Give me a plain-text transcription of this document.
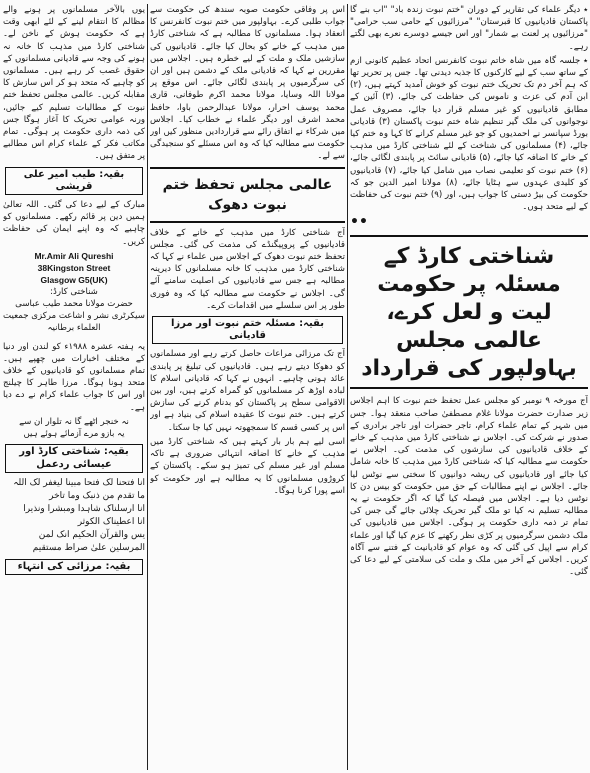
یوں بالآخر مسلمانوں پر ہونے والے مظالم کا انتقام لینے کے لئے ابھی وقت ہے کہ حکومت ہوش کے ناخن لے۔ شناختی کارڈ میں مذہب کا خانہ نہ ہونے کی وجہ سے قادیانی مسلمانوں کے حقوق غصب کر رہے ہیں۔ مسلمانوں کو چاہیے کہ متحد ہو کر اس سازش کا مقابلہ کریں۔ عالمی مجلس تحفظ ختم نبوت کے مطالبات تسلیم کیے جائیں، ورنہ عوامی تحریک کا آغاز ہوگا جس کی ذمہ داری حکومت پر ہوگی۔ تمام مکاتب فکر کے علماء کرام اس مطالبے پر متفق ہیں۔

بقیہ: طیب امیر علی قریشی

مبارک کے لیے دعا کی گئی۔ اللہ تعالیٰ ہمیں دین پر قائم رکھے۔ مسلمانوں کو چاہیے کہ وہ اپنے ایمان کی حفاظت کریں۔

Mr.Amir Ali Qureshi
38Kingston Street
Glasgow G5(UK)
شناختی کارڈ:
حضرت مولانا محمد طیب عباسی
سیکرٹری نشر و اشاعت مرکزی جمعیت العلماء برطانیہ

یہ ہفتہ عشرہ ۱۹۸۸ء کو لندن اور دنیا کے مختلف اخبارات میں چھپے ہیں۔ تمام مسلمانوں کو قادیانیوں کے خلاف متحد ہونا ہوگا۔ مرزا طاہر کا چیلنج اور اس کا جواب علماء کرام نے دے دیا ہے۔

نہ خنجر اٹھے گا نہ تلوار ان سے
یہ بازو مرے آزمائے ہوئے ہیں
بقیہ: شناختی کارڈ اور عیسائی ردعمل
انا فتحنا لک فتحا مبینا لیغفر لک اللہ ما تقدم من ذنبک وما تاخر
انا ارسلناک شاہدا ومبشرا ونذیرا
انا اعطیناک الکوثر
یس والقرآن الحکیم انک لمن المرسلین علیٰ صراط مستقیم
بقیہ: مرزائی کی انتہاء

اس پر وفاقی حکومت صوبہ سندھ کی حکومت سے جواب طلبی کرے۔ بہاولپور میں ختم نبوت کانفرنس کا انعقاد ہوا۔ مسلمانوں کا مطالبہ ہے کہ شناختی کارڈ میں مذہب کے خانے کو بحال کیا جائے۔ قادیانیوں کی سازشیں ملک و ملت کے لیے خطرہ ہیں۔ اجلاس میں مقررین نے کہا کہ قادیانی ملک کے دشمن ہیں اور ان کی سرگرمیوں پر پابندی لگائی جائے۔ اس موقع پر مولانا اللہ وسایا، مولانا محمد اکرم طوفانی، قاری محمد یوسف احرار، مولانا عبدالرحمن باوا، حافظ محمد اشرف اور دیگر علماء نے خطاب کیا۔ اجلاس میں شرکاء نے اتفاق رائے سے قراردادیں منظور کیں اور حکومت سے مطالبہ کیا کہ وہ اس مسئلے کو سنجیدگی سے لے۔

عالمی مجلس تحفظ ختم نبوت دھوک

آج شناختی کارڈ میں مذہب کے خانے کے خلاف قادیانیوں کے پروپیگنڈے کی مذمت کی گئی۔ مجلس تحفظ ختم نبوت دھوک کے اجلاس میں علماء نے کہا کہ شناختی کارڈ میں مذہب کا خانہ مسلمانوں کا دیرینہ مطالبہ ہے جس سے قادیانیوں کی اصلیت سامنے آئے گی۔ اجلاس نے حکومت سے مطالبہ کیا کہ وہ فوری طور پر اس سلسلے میں اقدامات کرے۔

بقیہ: مسئلہ ختم نبوت اور مرزا قادیانی

آج تک مرزائی مراعات حاصل کرتے رہے اور مسلمانوں کو دھوکا دیتے رہے ہیں۔ قادیانیوں کی تبلیغ پر پابندی عائد ہونی چاہیے۔ انہوں نے کہا کہ قادیانی اسلام کا لبادہ اوڑھ کر مسلمانوں کو گمراہ کرتے ہیں، اور بین الاقوامی سطح پر پاکستان کو بدنام کرنے کی سازش کرتے ہیں۔ ختم نبوت کا عقیدہ اسلام کی بنیاد ہے اور اس پر کسی قسم کا سمجھوتہ نہیں کیا جا سکتا۔

اسی لیے ہم بار بار کہتے ہیں کہ شناختی کارڈ میں مذہب کے خانے کا اضافہ انتہائی ضروری ہے تاکہ مسلم اور غیر مسلم کی تمیز ہو سکے۔ پاکستان کے کروڑوں مسلمانوں کا یہ مطالبہ ہے اور حکومت کو اسے پورا کرنا ہوگا۔

٭ دیگر علماء کی تقاریر کے دوران "ختم نبوت زندہ باد" "اب بنے گا پاکستان قادیانیوں کا قبرستان" "مرزائیوں کے حامی سب حرامی" "مرزائیوں پر لعنت بے شمار" اور اس جیسے دوسرے نعرے بھی لگتے رہے۔

٭ جلسہ گاہ میں شاہ خاتم نبوت کانفرنس اتحاد عظیم کانونی ازم کے ساتھ سب کے لیے کارکنوں کا جذبہ دیدنی تھا۔ جس پر تحریر تھا کہ ہم آخر دم تک تحریک ختم نبوت کو خوش آمدید کہتے ہیں، (۲) ابن آدم کی عزت و ناموس کی حفاظت کی جائے، (۳) آئین کے مطابق قادیانیوں کو غیر مسلم قرار دیا جائے، مصروف عمل نوجوانوں کی ملک گیر تنظیم شاہ ختم نبوت پاکستان (۳) قادیانی بورڈ سپانسر نے احمدیوں کو جو غیر مسلم کرانے کا کہا وہ ختم کیا جائے، (۴) مسلمانوں کی شناخت کے لئے شناختی کارڈ میں مذہب کے خانے کا اضافہ کیا جائے، (۵) قادیانی سائٹ پر پابندی لگائی جائے، (۶) ختم نبوت کو تعلیمی نصاب میں شامل کیا جائے، (۷) قادیانیوں کو کلیدی عہدوں سے ہٹایا جائے، (۸) مولانا امیر الدین جو کہ حکومت کی بیڑ دستی کا جواب ہیں، اور (۹) ختم نبوت کی حفاظت کے لیے متحد ہوں۔

••
شناختی کارڈ کے مسئلہ پر حکومت لیت و لعل کرے، عالمی مجلس بہاولپور کی قرارداد

آج مورخہ ۹ نومبر کو مجلس عمل تحفظ ختم نبوت کا اہم اجلاس زیر صدارت حضرت مولانا غلام مصطفیٰ صاحب منعقد ہوا۔ جس میں شہر کے تمام علماء کرام، تاجر حضرات اور تاجر برادری کے صدور نے شرکت کی۔ اجلاس نے شناختی کارڈ میں مذہب کے خانے کے خلاف قادیانیوں کی سازشوں کی مذمت کی۔ اجلاس نے حکومت سے مطالبہ کیا کہ شناختی کارڈ میں مذہب کا خانہ شامل کیا جائے اور قادیانیوں کی ریشہ دوانیوں کا سختی سے نوٹس لیا جائے۔ اجلاس نے اپنے مطالبات کے حق میں حکومت کو بیس دن کا نوٹس دیا ہے۔ اجلاس میں فیصلہ کیا گیا کہ اگر حکومت نے یہ مطالبہ تسلیم نہ کیا تو ملک گیر تحریک چلائی جائے گی جس کی تمام تر ذمہ داری حکومت پر ہوگی۔ اجلاس میں قادیانیوں کی ملک دشمن سرگرمیوں پر کڑی نظر رکھنے کا عزم کیا گیا اور علماء کرام سے اپیل کی گئی کہ وہ عوام کو قادیانیت کے فتنے سے آگاہ کریں۔ اجلاس کے آخر میں ملک و ملت کی سلامتی کے لیے دعا کی گئی۔
